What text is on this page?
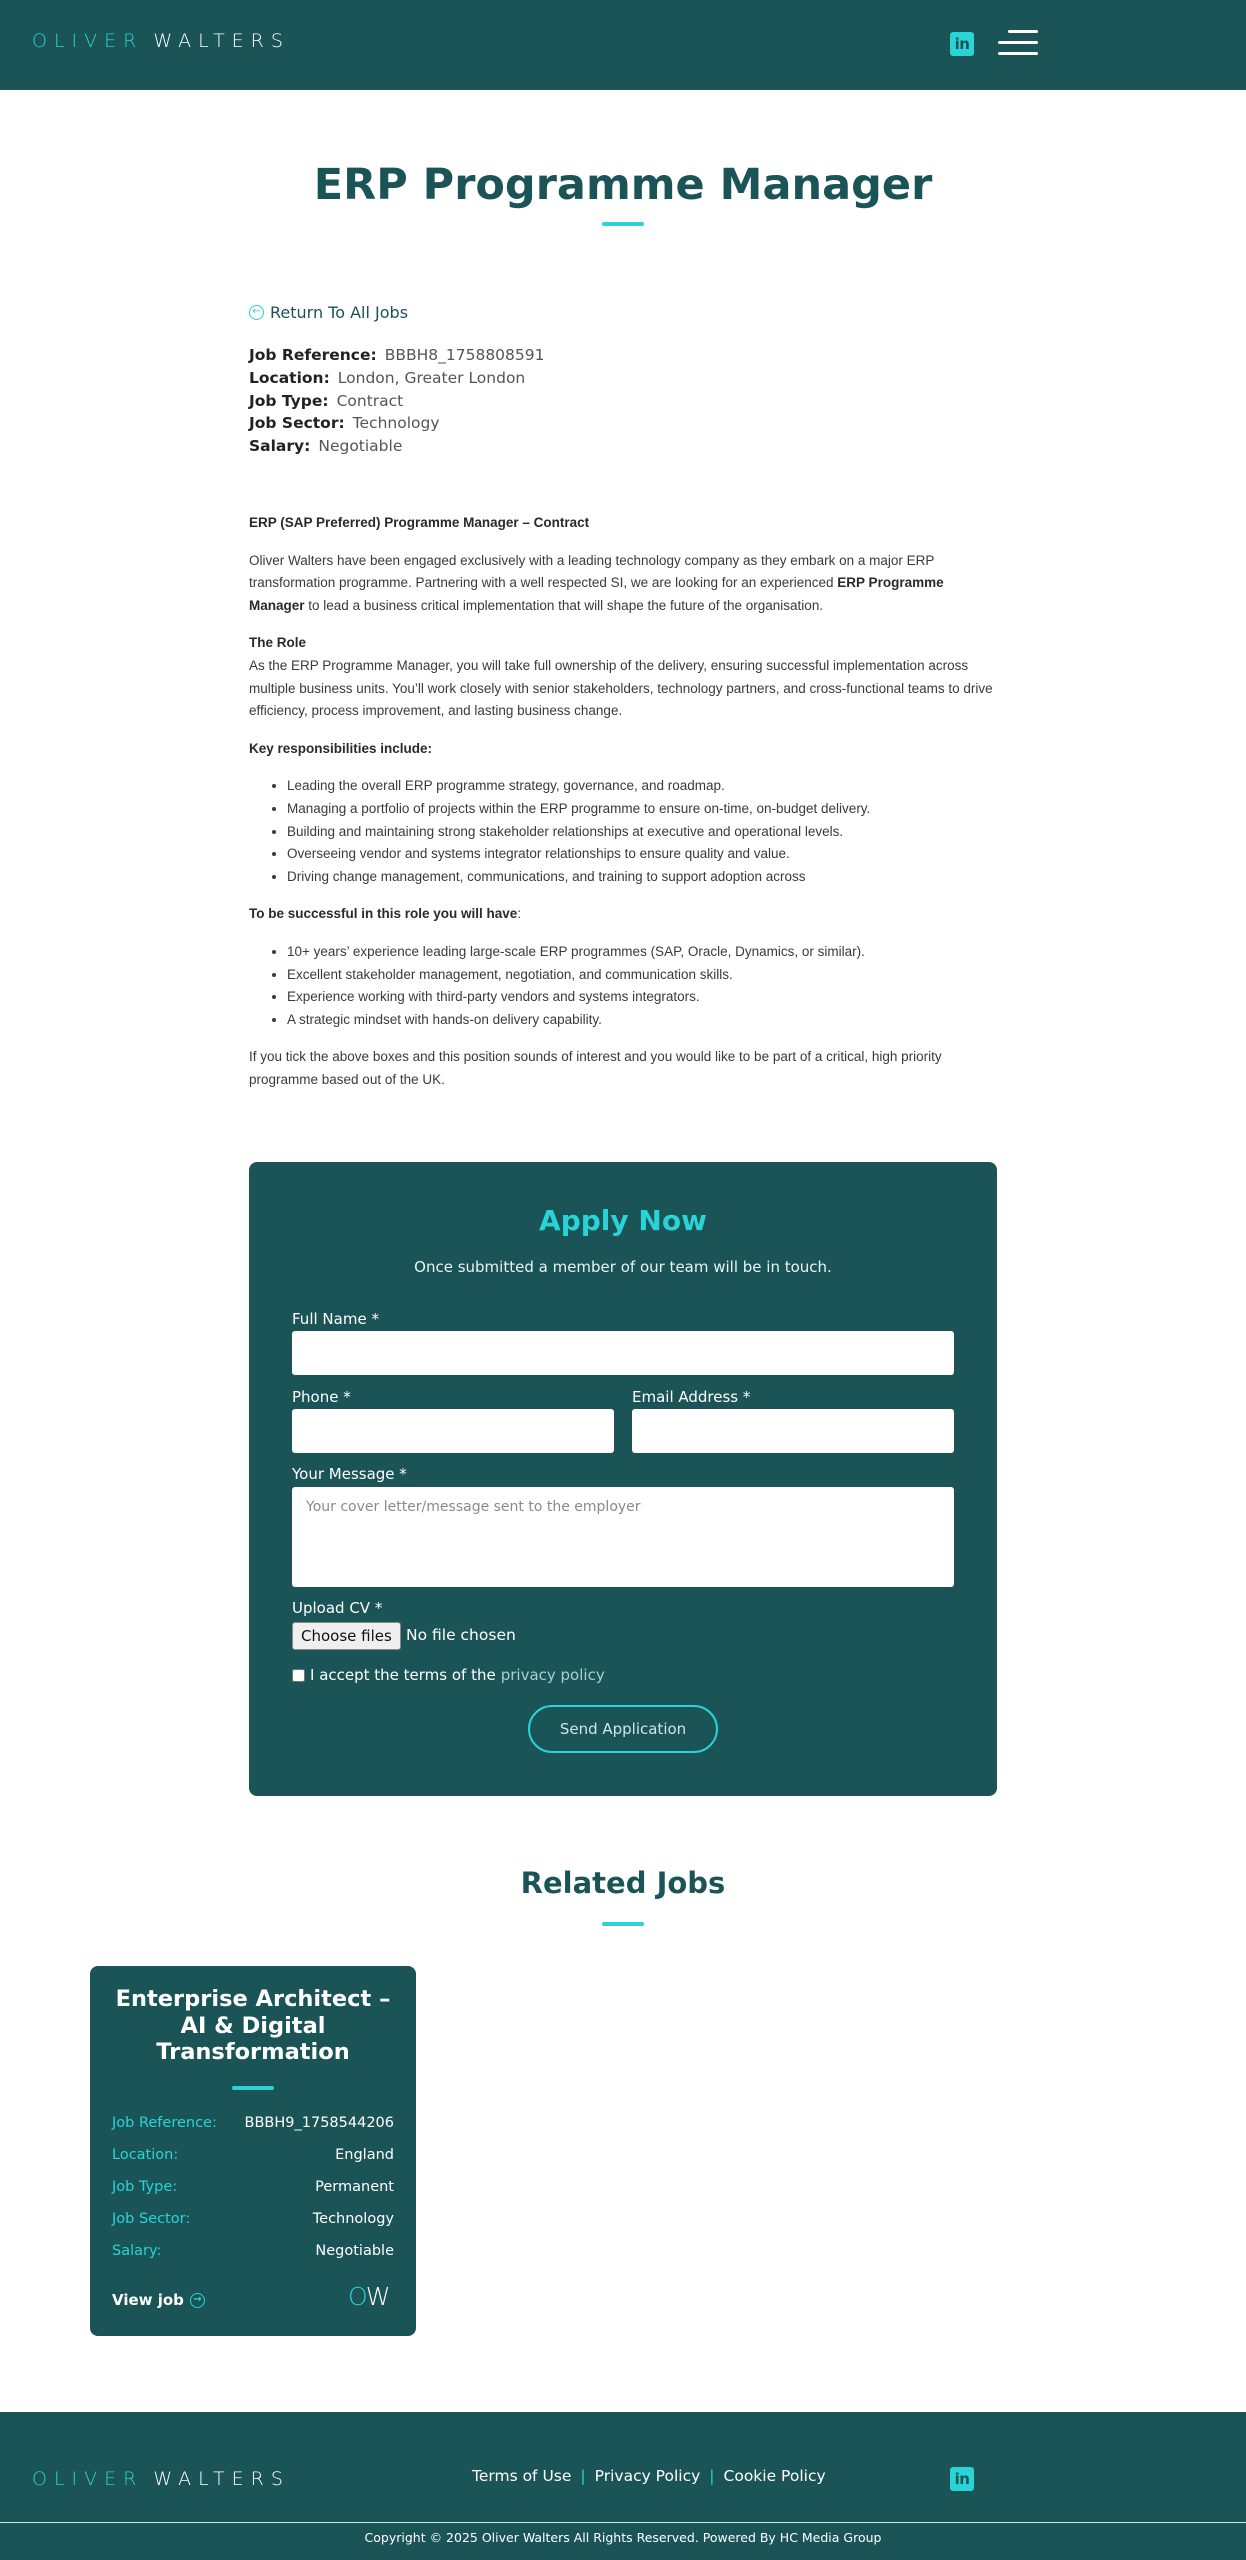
OLIVER WALTERS	in
ERP Programme Manager
← Return To All Jobs
Job Reference: BBBH8_1758808591
Location: London, Greater London
Job Type: Contract
Job Sector: Technology
Salary: Negotiable

ERP (SAP Preferred) Programme Manager – Contract

Oliver Walters have been engaged exclusively with a leading technology company as they embark on a major ERP transformation programme. Partnering with a well respected SI, we are looking for an experienced ERP Programme Manager to lead a business critical implementation that will shape the future of the organisation.

The Role
As the ERP Programme Manager, you will take full ownership of the delivery, ensuring successful implementation across multiple business units. You’ll work closely with senior stakeholders, technology partners, and cross-functional teams to drive efficiency, process improvement, and lasting business change.

Key responsibilities include:

• Leading the overall ERP programme strategy, governance, and roadmap.
• Managing a portfolio of projects within the ERP programme to ensure on-time, on-budget delivery.
• Building and maintaining strong stakeholder relationships at executive and operational levels.
• Overseeing vendor and systems integrator relationships to ensure quality and value.
• Driving change management, communications, and training to support adoption across

To be successful in this role you will have:

• 10+ years’ experience leading large-scale ERP programmes (SAP, Oracle, Dynamics, or similar).
• Excellent stakeholder management, negotiation, and communication skills.
• Experience working with third-party vendors and systems integrators.
• A strategic mindset with hands-on delivery capability.

If you tick the above boxes and this position sounds of interest and you would like to be part of a critical, high priority programme based out of the UK.

Apply Now
Once submitted a member of our team will be in touch.
Full Name *
Phone *	Email Address *
Your Message *
Your cover letter/message sent to the employer
Upload CV *
Choose files No file chosen
I accept the terms of the privacy policy
Send Application
Related Jobs
Enterprise Architect – AI & Digital Transformation
Job Reference: BBBH9_1758544206
Location:	England
Job Type:	Permanent
Job Sector:	Technology
Salary:	Negotiable
View job →	OW
OLIVER WALTERS	Terms of Use | Privacy Policy | Cookie Policy	in
Copyright © 2025 Oliver Walters All Rights Reserved. Powered By HC Media Group
